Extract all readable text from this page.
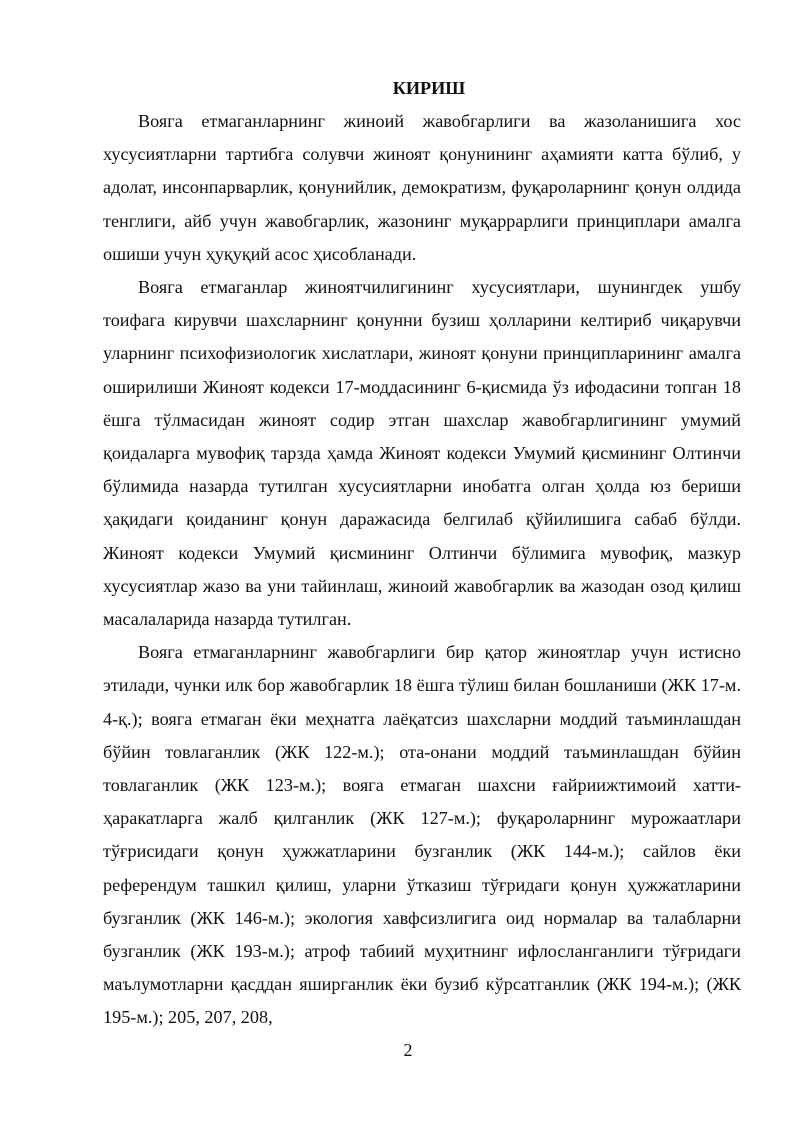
КИРИШ

Вояга етмаганларнинг жиноий жавобгарлиги ва жазоланишига хос хусусиятларни тартибга солувчи жиноят қонунининг аҳамияти катта бўлиб, у адолат, инсонпарварлик, қонунийлик, демократизм, фуқароларнинг қонун олдида тенглиги, айб учун жавобгарлик, жазонинг муқаррарлиги принциплари амалга ошиши учун ҳуқуқий асос ҳисобланади.

Вояга етмаганлар жиноятчилигининг хусусиятлари, шунингдек ушбу тоифага кирувчи шахсларнинг қонунни бузиш ҳолларини келтириб чиқарувчи уларнинг психофизиологик хислатлари, жиноят қонуни принципларининг амалга оширилиши Жиноят кодекси 17-моддасининг 6-қисмида ўз ифодасини топган 18 ёшга тўлмасидан жиноят содир этган шахслар жавобгарлигининг умумий қоидаларга мувофиқ тарзда ҳамда Жиноят кодекси Умумий қисмининг Олтинчи бўлимида назарда тутилган хусусиятларни инобатга олган ҳолда юз бериши ҳақидаги қоиданинг қонун даражасида белгилаб қўйилишига сабаб бўлди. Жиноят кодекси Умумий қисмининг Олтинчи бўлимига мувофиқ, мазкур хусусиятлар жазо ва уни тайинлаш, жиноий жавобгарлик ва жазодан озод қилиш масалаларида назарда тутилган.

Вояга етмаганларнинг жавобгарлиги бир қатор жиноятлар учун истисно этилади, чунки илк бор жавобгарлик 18 ёшга тўлиш билан бошланиши (ЖК 17-м. 4-қ.); вояга етмаган ёки меҳнатга лаёқатсиз шахсларни моддий таъминлашдан бўйин товлаганлик (ЖК 122-м.); ота-онани моддий таъминлашдан бўйин товлаганлик (ЖК 123-м.); вояга етмаган шахсни ғайриижтимоий хатти-ҳаракатларга жалб қилганлик (ЖК 127-м.); фуқароларнинг мурожаатлари тўғрисидаги қонун ҳужжатларини бузганлик (ЖК 144-м.); сайлов ёки референдум ташкил қилиш, уларни ўтказиш тўғридаги қонун ҳужжатларини бузганлик (ЖК 146-м.); экология хавфсизлигига оид нормалар ва талабларни бузганлик (ЖК 193-м.); атроф табиий муҳитнинг ифлосланганлиги тўғридаги маълумотларни қасддан яширганлик ёки бузиб кўрсатганлик (ЖК 194-м.); (ЖК 195-м.); 205, 207, 208,

2
